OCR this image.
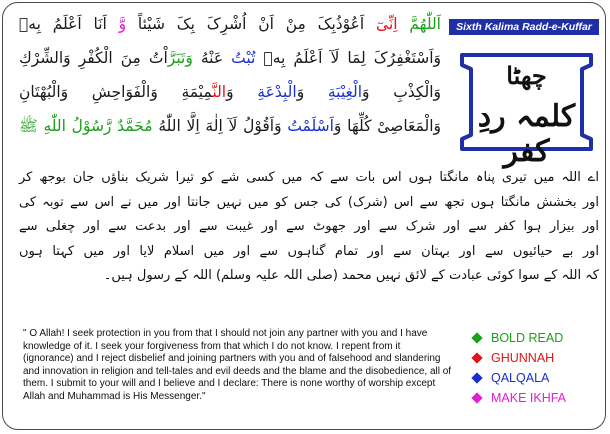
اَللّٰھُمَّ اِنِّیٓ اَعُوْذُبِکَ مِنْ اَنْ اُشْرِکَ بِکَ شَیْئاً وَّ اَنَا اَعْلَمُ بِهٖ
وَاَسْتَغْفِرُکَ لِمَا لَآ اَعْلَمُ بِهٖ تُبْتُ عَنْهُ وَتَبَرَّاْتُ مِنَ الْكُفْرِ وَالشِّرْكِ
وَالْکِذْبِ وَالْغِیْبَةِ وَالْبِدْعَةِ وَالنَّمِیْمَةِ وَالْفَوَاحِشِ وَالْبُهْتَانِ
وَالْمَعَاصِیْ كُلِّهَا وَاَسْلَمْتُ وَاَقُوْلُ لَآ اِلٰهَ اِلَّا اللّٰهُ مُحَمَّدٌ رَّسُوْلُ اللّٰهِ ﷺ
Sixth Kalima Radd-e-Kuffar
چھٹا
کلمہ ردِ کفر
اے اللہ میں تیری پناہ مانگتا ہوں اس بات سے کہ میں کسی شے کو تیرا شریک بناؤں جان بوجھ کر
اور بخشش مانگتا ہوں تجھ سے اس (شرک) کی جس کو میں نہیں جانتا اور میں نے اس سے توبہ کی
اور بیزار ہوا کفر سے اور شرک سے اور جھوٹ سے اور غیبت سے اور بدعت سے اور چغلی سے
اور بے حیائیوں سے اور بہتان سے اور تمام گناہوں سے اور میں اسلام لایا اور میں کہتا ہوں
کہ اللہ کے سوا کوئی عبادت کے لائق نہیں محمد (صلی اللہ علیہ وسلم) اللہ کے رسول ہیں۔
" O Allah! I seek protection in you from that I should not join any partner with you and I have knowledge of it. I seek your forgiveness from that which I do not know. I repent from it (ignorance) and I reject disbelief and joining partners with you and of falsehood and slandering and innovation in religion and tell-tales and evil deeds and the blame and the disobedience, all of them. I submit to your will and I believe and I declare: There is none worthy of worship except Allah and Muhammad is His Messenger."
BOLD READ
GHUNNAH
QALQALA
MAKE IKHFA
